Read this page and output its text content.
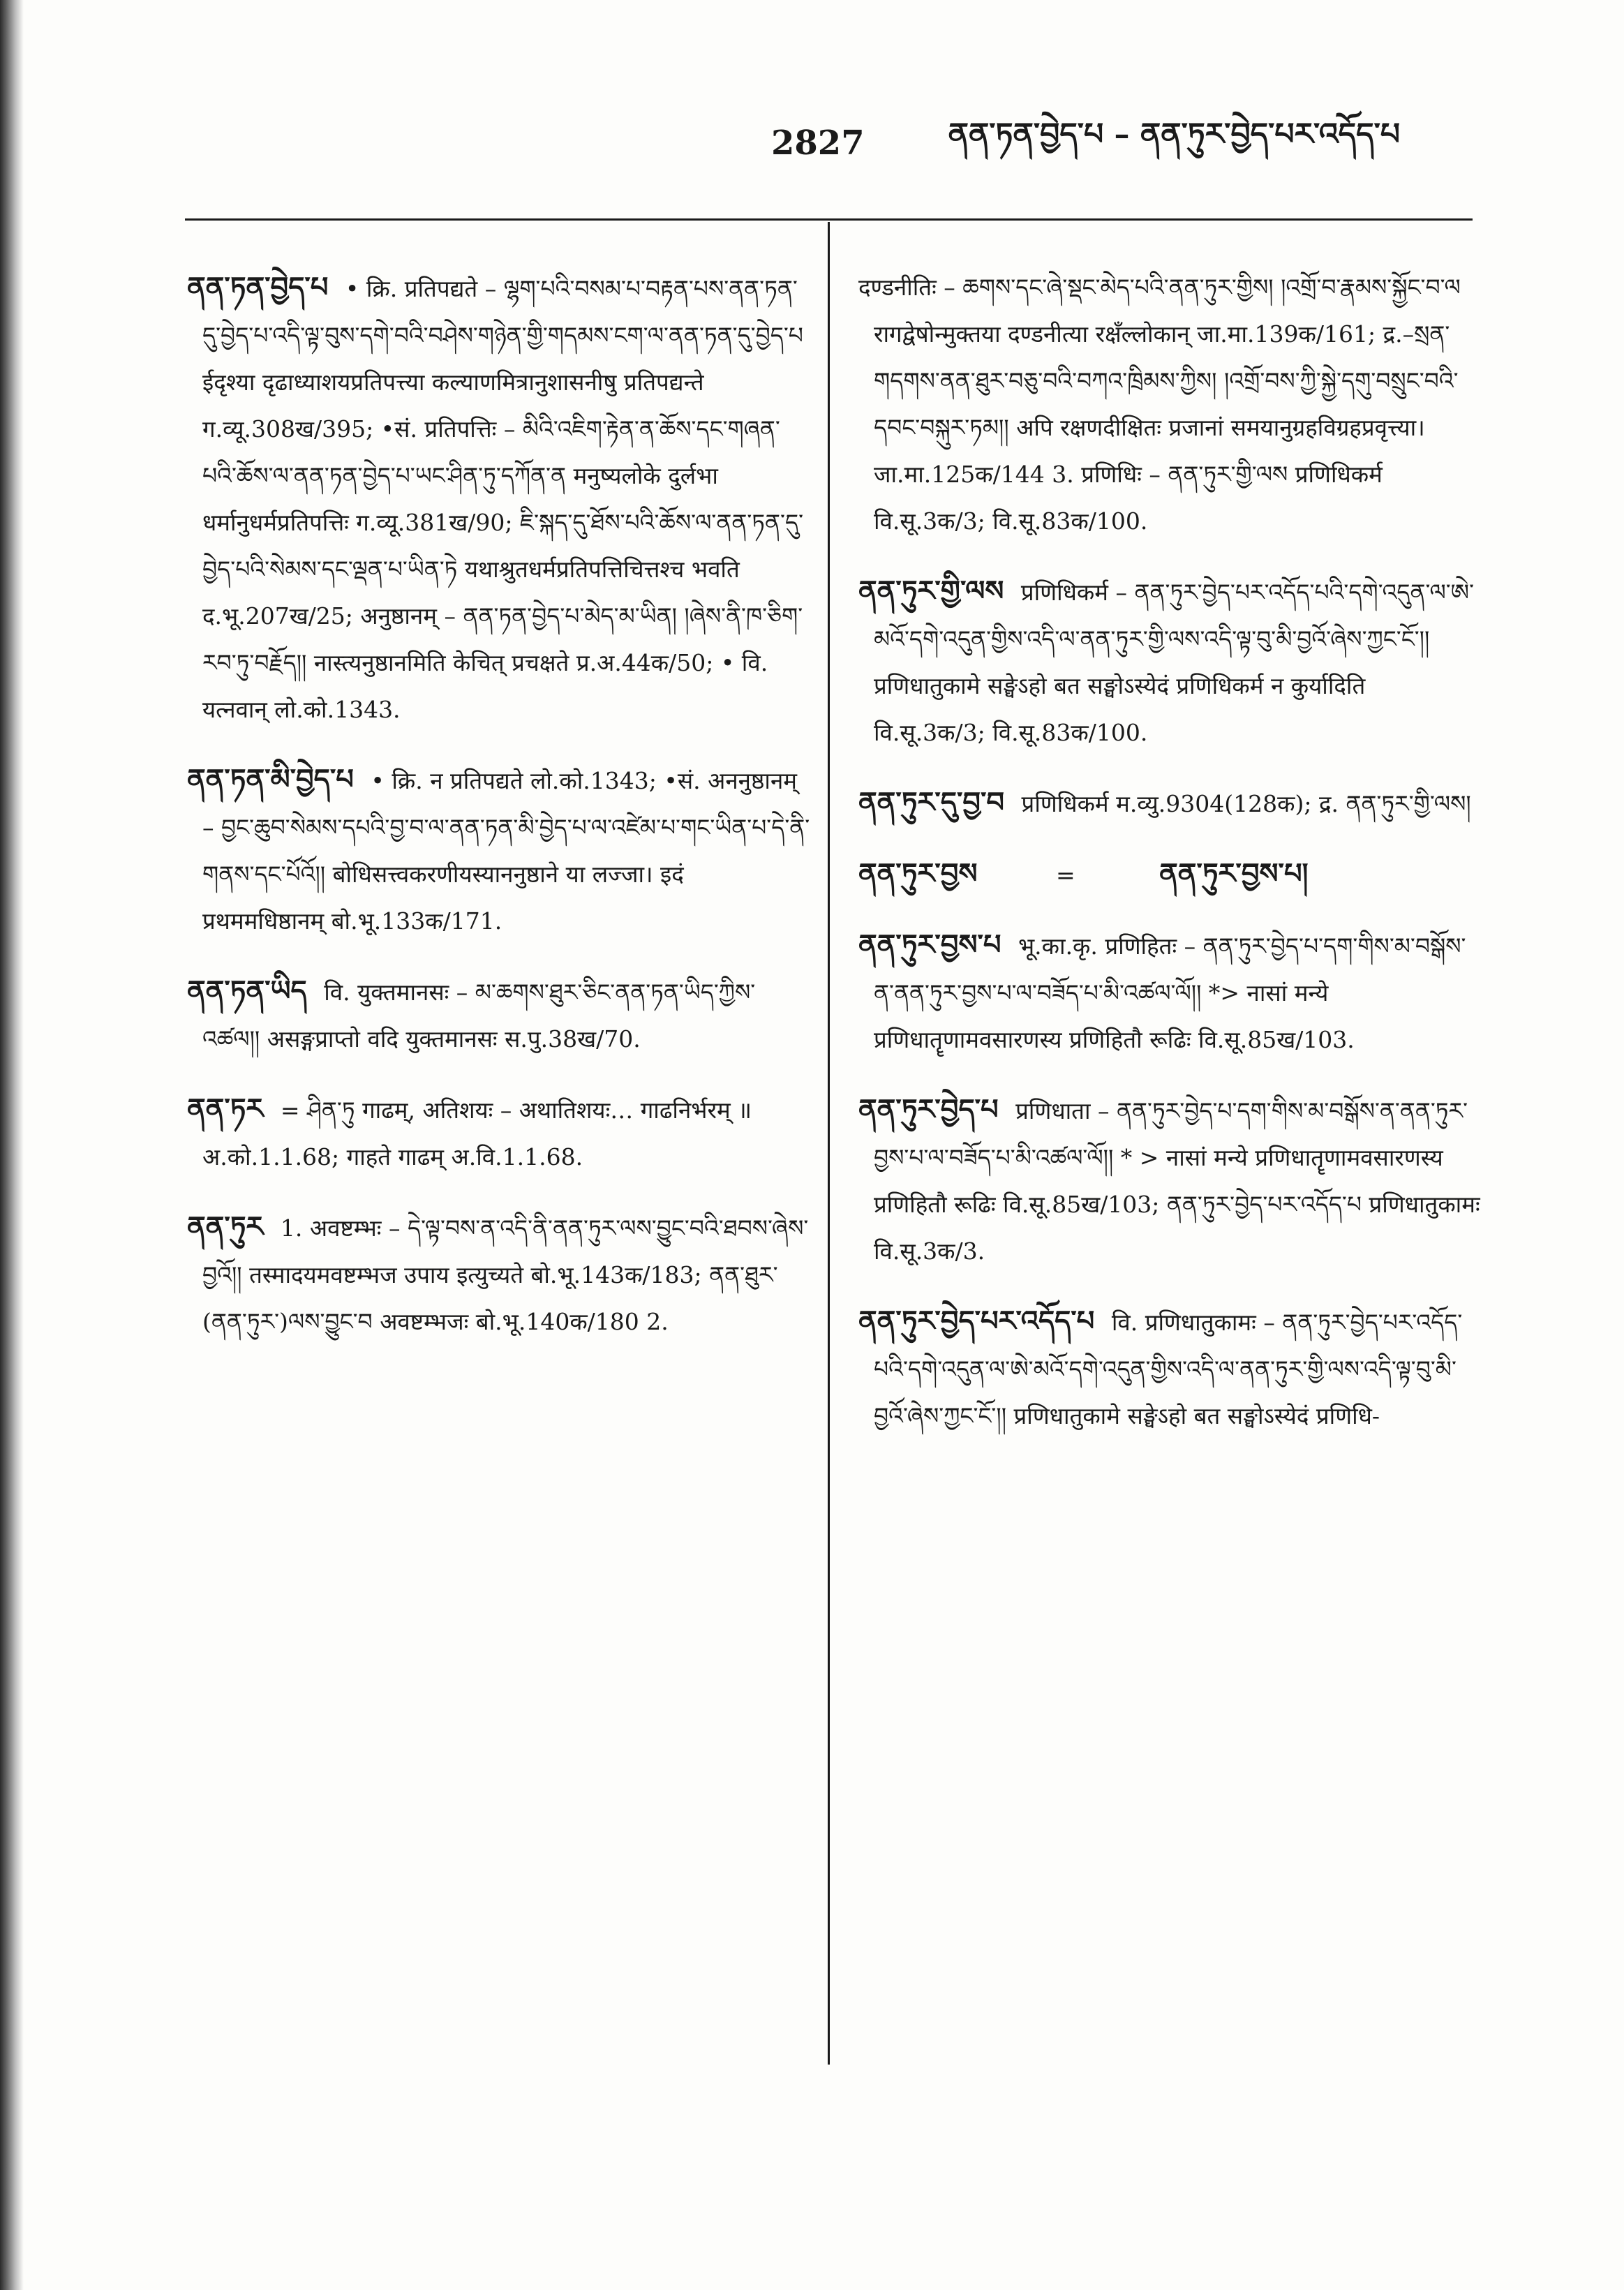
2827	ནན་ཏན་བྱེད་པ – ནན་ཏུར་བྱེད་པར་འདོད་པ

ནན་ཏན་བྱེད་པ • क्रि. प्रतिपद्यते – ལྷག་པའི་བསམ་པ་བརྟན་པས་ནན་ཏན་དུ་བྱེད་པ་འདི་ལྟ་བུས་དགེ་བའི་བཤེས་གཉེན་གྱི་གདམས་ངག་ལ་ནན་ཏན་དུ་བྱེད་པ ईदृश्या दृढाध्याशयप्रतिपत्त्या कल्याणमित्रानुशासनीषु प्रतिपद्यन्ते ग.व्यू.308ख/395; •सं. प्रतिपत्तिः – མིའི་འཇིག་རྟེན་ན་ཆོས་དང་གཞན་པའི་ཆོས་ལ་ནན་ཏན་བྱེད་པ་ཡང་ཤིན་ཏུ་དཀོན་ན मनुष्यलोके दुर्लभा धर्मानुधर्मप्रतिपत्तिः ग.व्यू.381ख/90; ཇི་སྐད་དུ་ཐོས་པའི་ཆོས་ལ་ནན་ཏན་དུ་བྱེད་པའི་སེམས་དང་ལྡན་པ་ཡིན་ཏེ यथाश्रुतधर्मप्रतिपत्तिचित्तश्च भवति द.भू.207ख/25; अनुष्ठानम् – ནན་ཏན་བྱེད་པ་མེད་མ་ཡིན། །ཞེས་ནི་ཁ་ཅིག་རབ་ཏུ་བརྗོད།། नास्त्यनुष्ठानमिति केचित् प्रचक्षते प्र.अ.44क/50; • वि. यत्नवान् लो.को.1343.

ནན་ཏན་མི་བྱེད་པ • क्रि. न प्रतिपद्यते लो.को.1343; •सं. अननुष्ठानम् – བྱང་ཆུབ་སེམས་དཔའི་བྱ་བ་ལ་ནན་ཏན་མི་བྱེད་པ་ལ་འཛེམ་པ་གང་ཡིན་པ་དེ་ནི་གནས་དང་པོའོ།། बोधिसत्त्वकरणीयस्याननुष्ठाने या लज्जा। इदं प्रथममधिष्ठानम् बो.भू.133क/171.

ནན་ཏན་ཡིད वि. युक्तमानसः – མ་ཆགས་ཐུར་ཅིང་ནན་ཏན་ཡིད་ཀྱིས་འཚལ།། असङ्गप्राप्तो वदि युक्तमानसः स.पु.38ख/70.

ནན་ཏར = ཤིན་ཏུ गाढम्, अतिशयः – अथातिशयः… गाढनिर्भरम् ॥ अ.को.1.1.68; गाहते गाढम् अ.वि.1.1.68.

ནན་ཏུར 1. अवष्टम्भः – དེ་ལྟ་བས་ན་འདི་ནི་ནན་ཏུར་ལས་བྱུང་བའི་ཐབས་ཞེས་བྱའོ།། तस्मादयमवष्टम्भज उपाय इत्युच्यते बो.भू.143क/183; ནན་ཐུར་(ནན་ཏུར་)ལས་བྱུང་བ अवष्टम्भजः बो.भू.140क/180 2.

दण्डनीतिः – ཆགས་དང་ཞེ་སྡང་མེད་པའི་ནན་ཏུར་གྱིས། །འགྲོ་བ་རྣམས་སྐྱོང་བ་ལ रागद्वेषोन्मुक्तया दण्डनीत्या रक्षँल्लोकान् जा.मा.139क/161; द्र.–སྲན་གདགས་ནན་ཐུར་བཅུ་བའི་བཀའ་ཁྲིམས་ཀྱིས། །འགྲོ་བས་ཀྱི་སྐྱེ་དགུ་བསྲུང་བའི་དབང་བསྐུར་ཏམ།། अपि रक्षणदीक्षितः प्रजानां समयानुग्रहविग्रहप्रवृत्त्या। जा.मा.125क/144 3. प्रणिधिः – ནན་ཏུར་གྱི་ལས प्रणिधिकर्म वि.सू.3क/3; वि.सू.83क/100.

ནན་ཏུར་གྱི་ལས प्रणिधिकर्म – ནན་ཏུར་བྱེད་པར་འདོད་པའི་དགེ་འདུན་ལ་ཨེ་མའོ་དགེ་འདུན་གྱིས་འདི་ལ་ནན་ཏུར་གྱི་ལས་འདི་ལྟ་བུ་མི་བྱའོ་ཞེས་ཀྱང་ངོ་།། प्रणिधातुकामे सङ्घेऽहो बत सङ्घोऽस्येदं प्रणिधिकर्म न कुर्यादिति वि.सू.3क/3; वि.सू.83क/100.

ནན་ཏུར་དུ་བྱ་བ प्रणिधिकर्म म.व्यु.9304(128क); द्र. ནན་ཏུར་གྱི་ལས།

ནན་ཏུར་བྱས	=	ནན་ཏུར་བྱས་པ།

ནན་ཏུར་བྱས་པ भू.का.कृ. प्रणिहितः – ནན་ཏུར་བྱེད་པ་དག་གིས་མ་བསྒོས་ན་ནན་ཏུར་བྱས་པ་ལ་བཟོད་པ་མི་འཚལ་ལོ།། *> नासां मन्ये प्रणिधातॄणामवसारणस्य प्रणिहितौ रूढिः वि.सू.85ख/103.

ནན་ཏུར་བྱེད་པ प्रणिधाता – ནན་ཏུར་བྱེད་པ་དག་གིས་མ་བསྒོས་ན་ནན་ཏུར་བྱས་པ་ལ་བཟོད་པ་མི་འཚལ་ལོ།། * > नासां मन्ये प्रणिधातॄणामवसारणस्य प्रणिहितौ रूढिः वि.सू.85ख/103; ནན་ཏུར་བྱེད་པར་འདོད་པ प्रणिधातुकामः वि.सू.3क/3.

ནན་ཏུར་བྱེད་པར་འདོད་པ वि. प्रणिधातुकामः – ནན་ཏུར་བྱེད་པར་འདོད་པའི་དགེ་འདུན་ལ་ཨེ་མའོ་དགེ་འདུན་གྱིས་འདི་ལ་ནན་ཏུར་གྱི་ལས་འདི་ལྟ་བུ་མི་བྱའོ་ཞེས་ཀྱང་ངོ་།། प्रणिधातुकामे सङ्घेऽहो बत सङ्घोऽस्येदं प्रणिधि-
